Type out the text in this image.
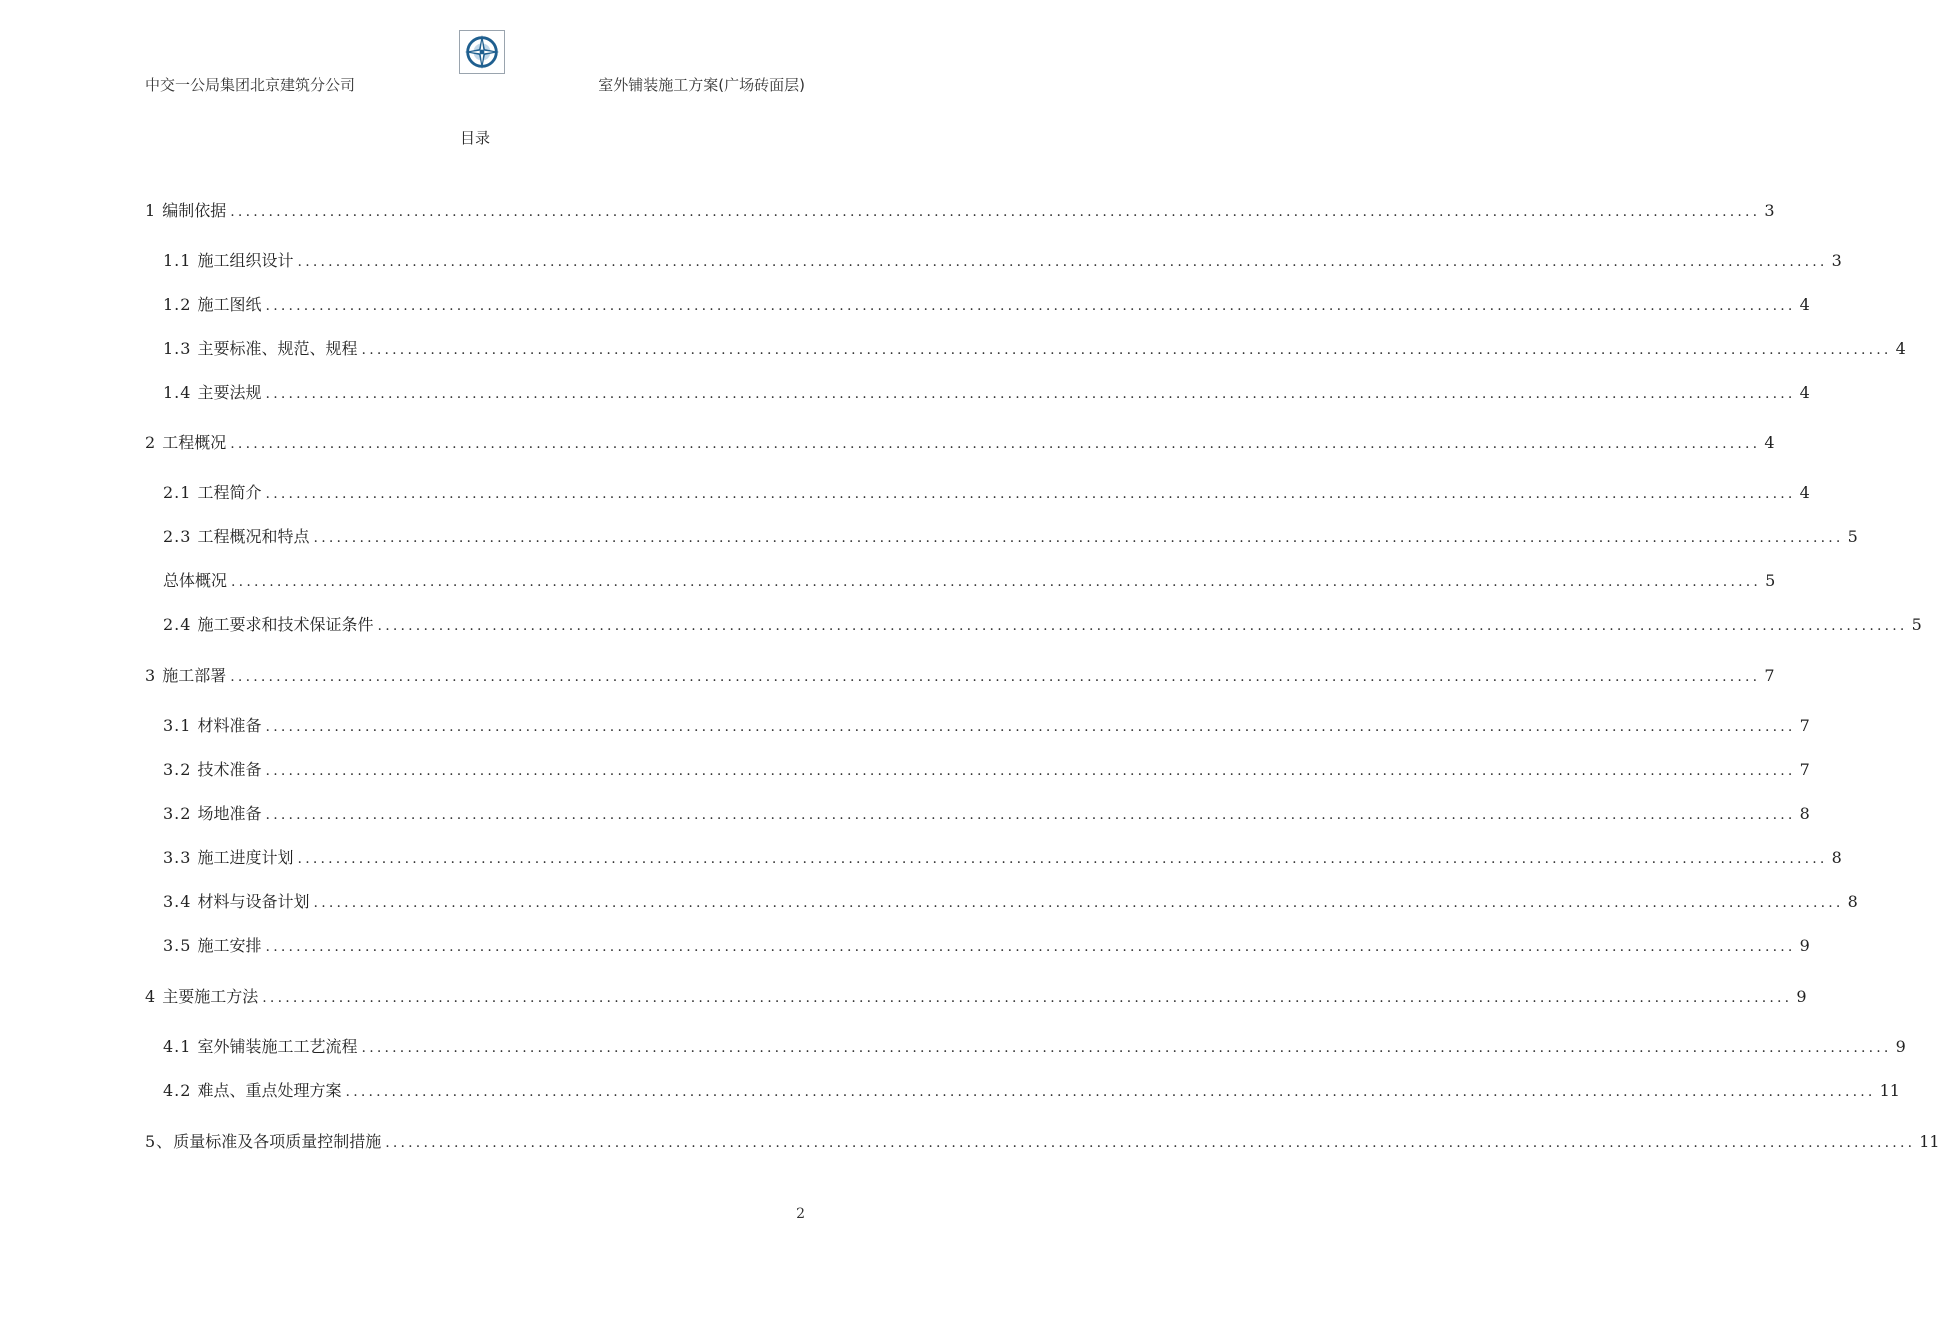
中交一公局集团北京建筑分公司	室外铺装施工方案(广场砖面层)
目录
1 编制依据 ........................................................................................................................................................................................................ 3
1.1 施工组织设计 ........................................................................................................................................................................................................ 3
1.2 施工图纸 ........................................................................................................................................................................................................ 4
1.3 主要标准、规范、规程 ........................................................................................................................................................................................................ 4
1.4 主要法规 ........................................................................................................................................................................................................ 4
2 工程概况 ........................................................................................................................................................................................................ 4
2.1 工程简介 ........................................................................................................................................................................................................ 4
2.3 工程概况和特点 ........................................................................................................................................................................................................ 5
总体概况 ........................................................................................................................................................................................................ 5
2.4 施工要求和技术保证条件 ........................................................................................................................................................................................................ 5
3 施工部署 ........................................................................................................................................................................................................ 7
3.1 材料准备 ........................................................................................................................................................................................................ 7
3.2 技术准备 ........................................................................................................................................................................................................ 7
3.2 场地准备 ........................................................................................................................................................................................................ 8
3.3 施工进度计划 ........................................................................................................................................................................................................ 8
3.4 材料与设备计划 ........................................................................................................................................................................................................ 8
3.5 施工安排 ........................................................................................................................................................................................................ 9
4 主要施工方法 ........................................................................................................................................................................................................ 9
4.1 室外铺装施工工艺流程 ........................................................................................................................................................................................................ 9
4.2 难点、重点处理方案 ........................................................................................................................................................................................................ 11
5、 质量标准及各项质量控制措施 ........................................................................................................................................................................................................ 11
2
